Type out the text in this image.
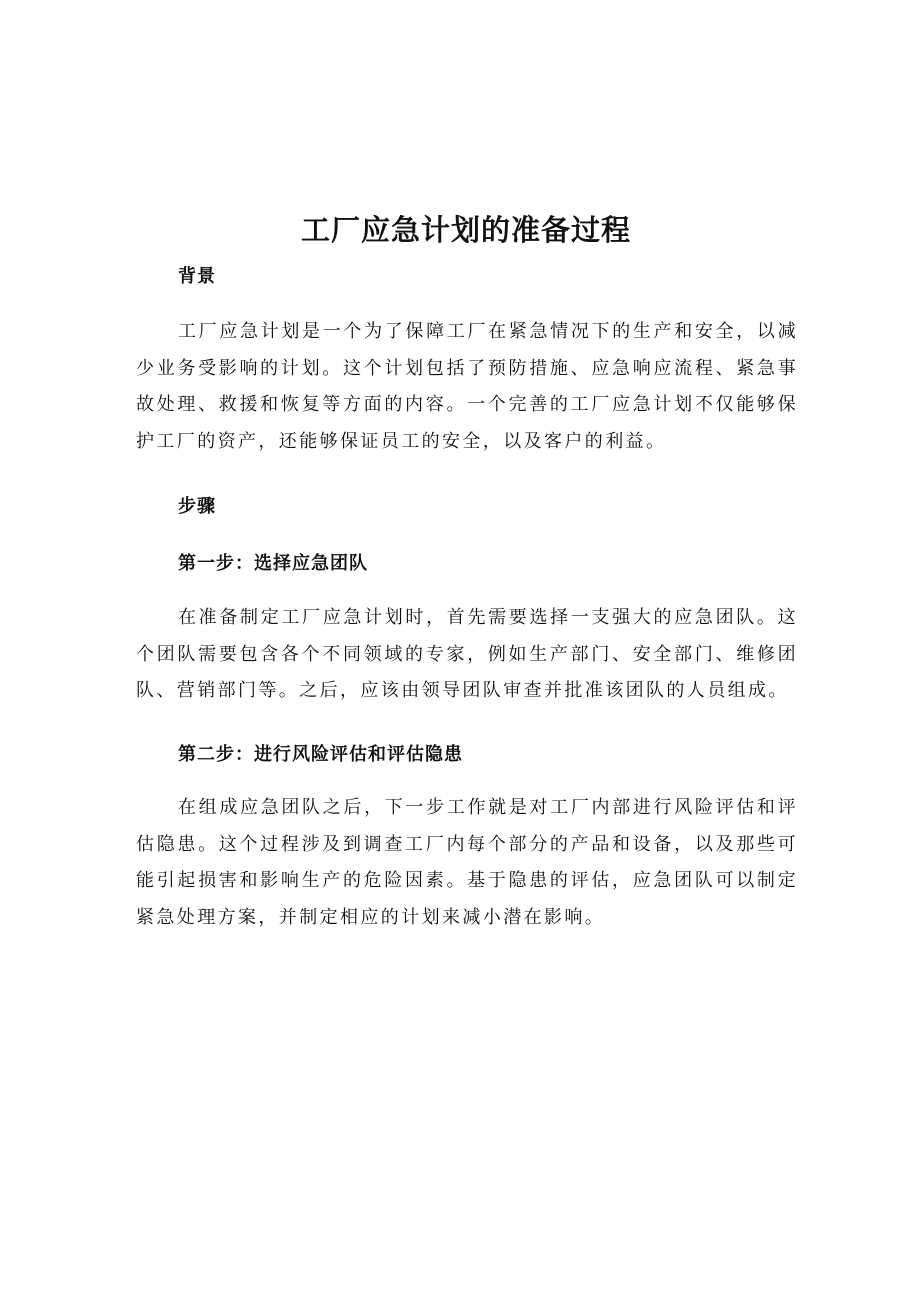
工厂应急计划的准备过程
背景

工厂应急计划是一个为了保障工厂在紧急情况下的生产和安全，以减少业务受影响的计划。这个计划包括了预防措施、应急响应流程、紧急事故处理、救援和恢复等方面的内容。一个完善的工厂应急计划不仅能够保护工厂的资产，还能够保证员工的安全，以及客户的利益。

步骤
第一步：选择应急团队

在准备制定工厂应急计划时，首先需要选择一支强大的应急团队。这个团队需要包含各个不同领域的专家，例如生产部门、安全部门、维修团队、营销部门等。之后，应该由领导团队审查并批准该团队的人员组成。

第二步：进行风险评估和评估隐患

在组成应急团队之后，下一步工作就是对工厂内部进行风险评估和评估隐患。这个过程涉及到调查工厂内每个部分的产品和设备，以及那些可能引起损害和影响生产的危险因素。基于隐患的评估，应急团队可以制定紧急处理方案，并制定相应的计划来减小潜在影响。
